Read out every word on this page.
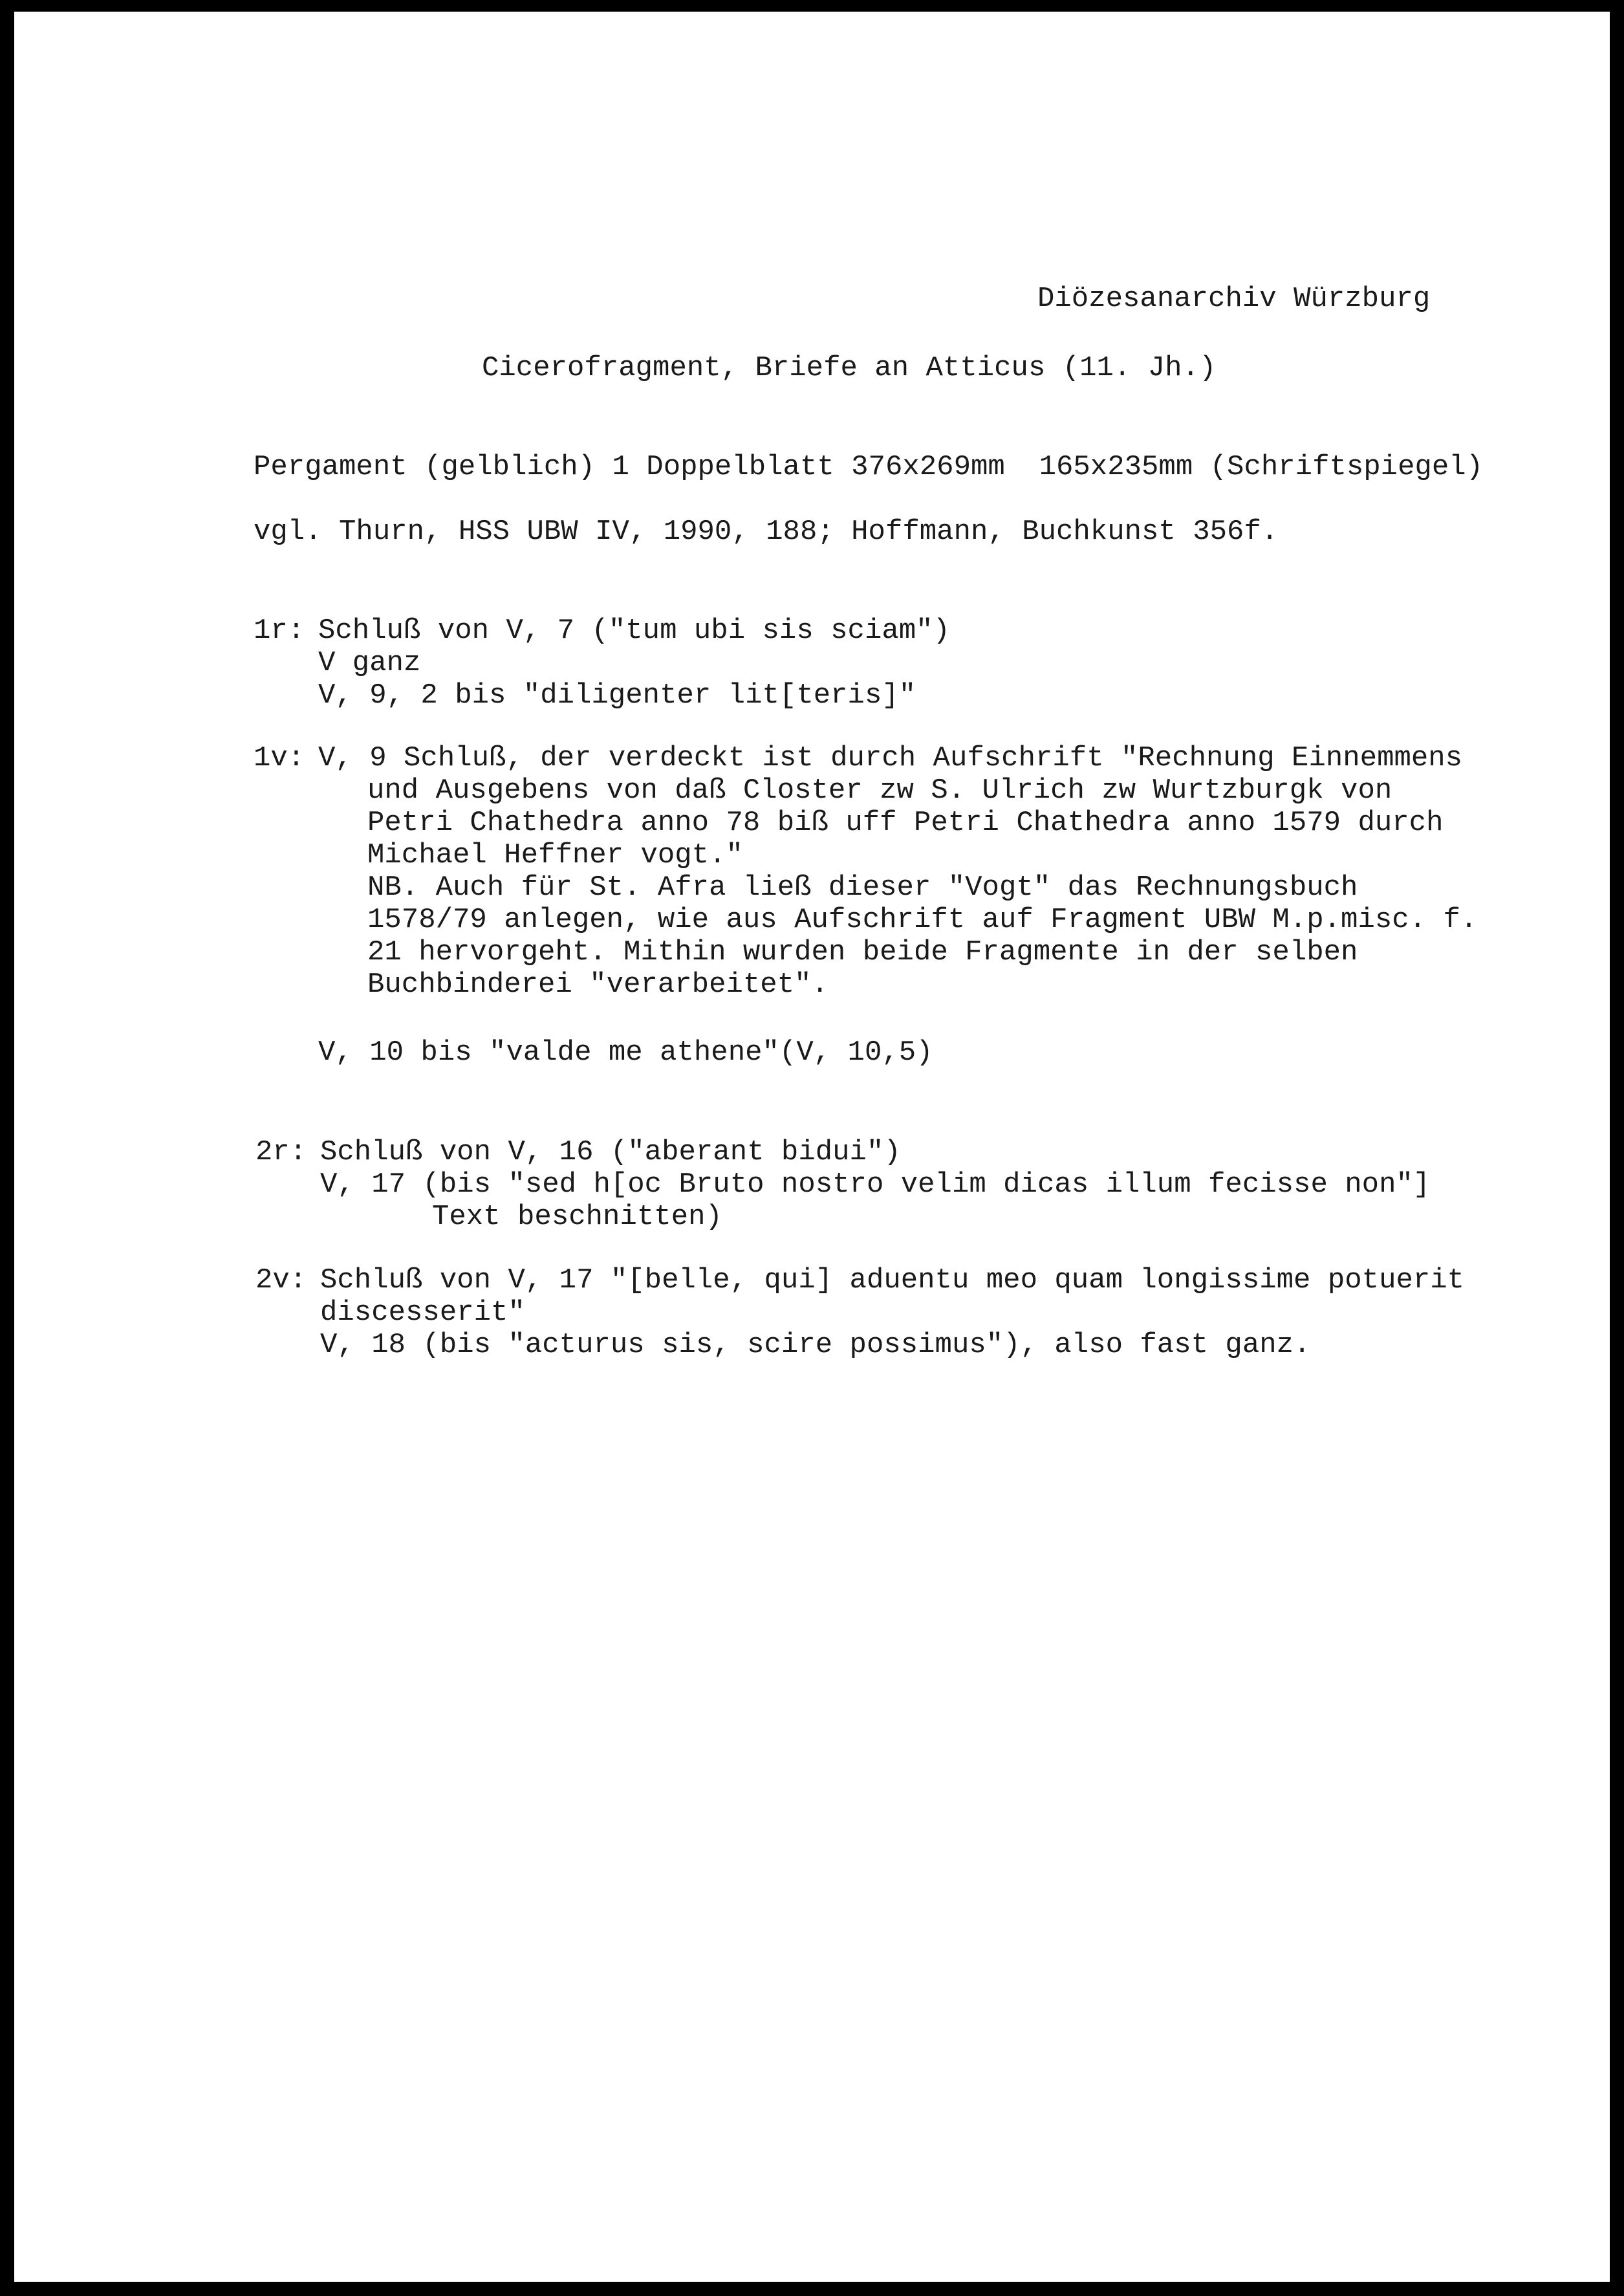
Diözesanarchiv Würzburg
Cicerofragment, Briefe an Atticus (11. Jh.)
Pergament (gelblich) 1 Doppelblatt 376x269mm  165x235mm (Schriftspiegel)
vgl. Thurn, HSS UBW IV, 1990, 188; Hoffmann, Buchkunst 356f.
1r: Schluß von V, 7 ("tum ubi sis sciam")
V ganz
V, 9, 2 bis "diligenter lit[teris]"
1v: V, 9 Schluß, der verdeckt ist durch Aufschrift "Rechnung Einnemmens
und Ausgebens von daß Closter zw S. Ulrich zw Wurtzburgk von
Petri Chathedra anno 78 biß uff Petri Chathedra anno 1579 durch
Michael Heffner vogt."
NB. Auch für St. Afra ließ dieser "Vogt" das Rechnungsbuch
1578/79 anlegen, wie aus Aufschrift auf Fragment UBW M.p.misc. f.
21 hervorgeht. Mithin wurden beide Fragmente in der selben
Buchbinderei "verarbeitet".
V, 10 bis "valde me athene"(V, 10,5)
2r: Schluß von V, 16 ("aberant bidui")
V, 17 (bis "sed h[oc Bruto nostro velim dicas illum fecisse non"]
Text beschnitten)
2v: Schluß von V, 17 "[belle, qui] aduentu meo quam longissime potuerit
discesserit"
V, 18 (bis "acturus sis, scire possimus"), also fast ganz.
